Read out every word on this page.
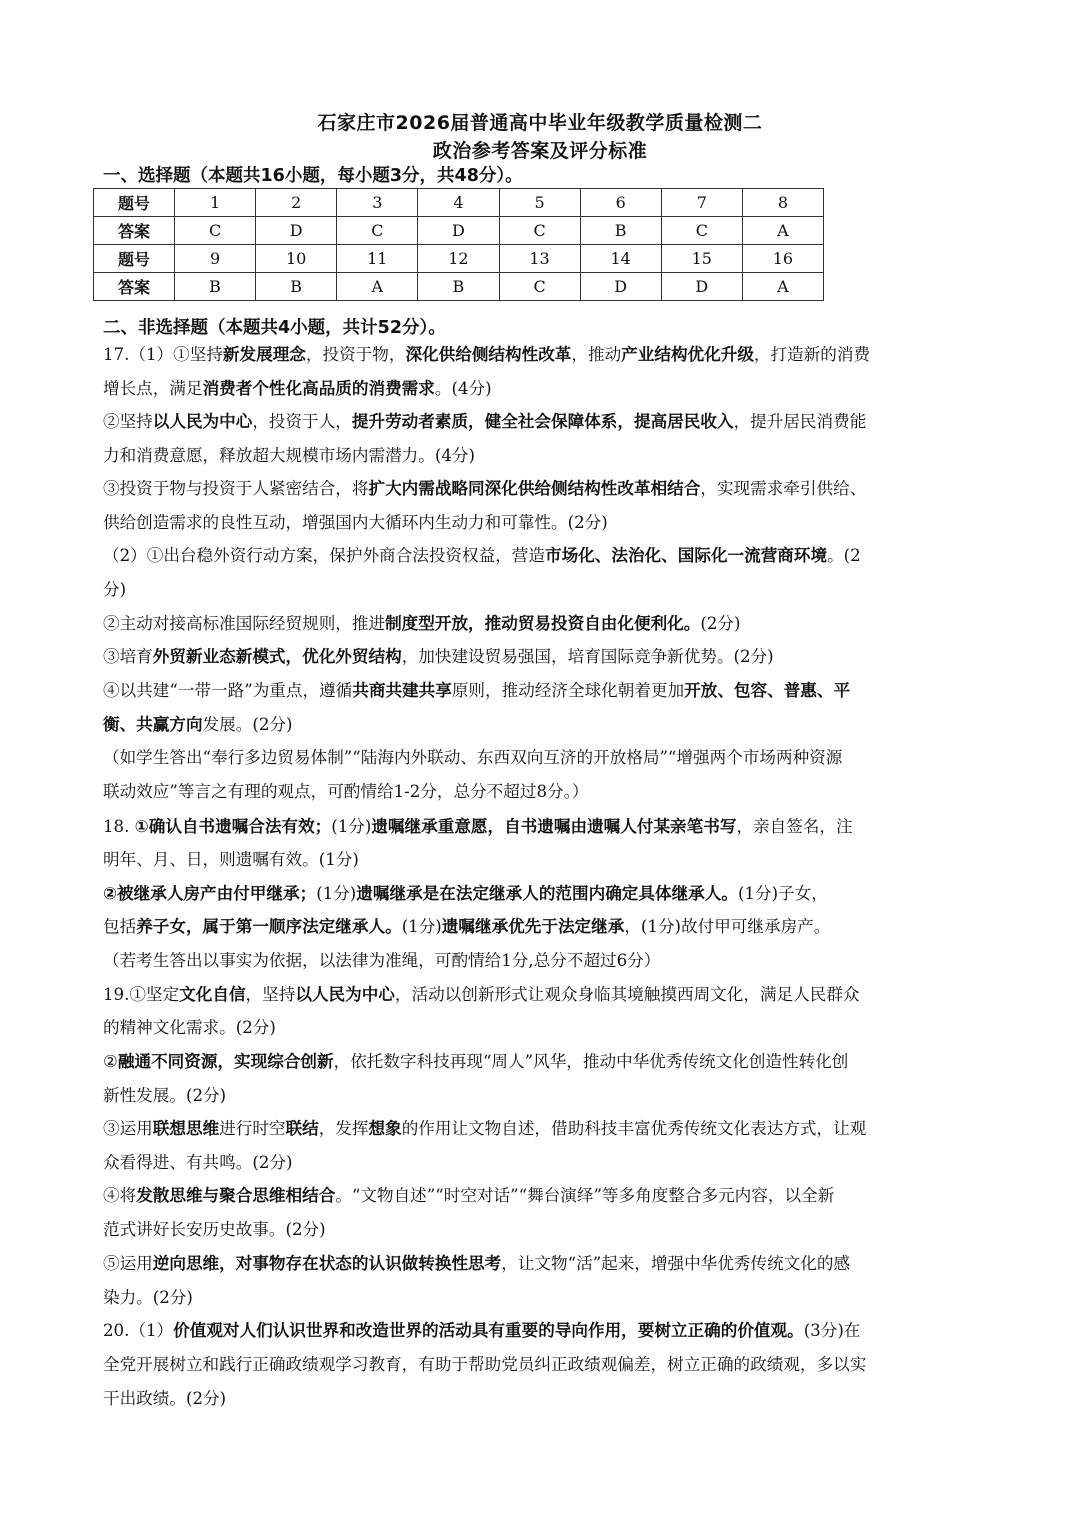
石家庄市2026届普通高中毕业年级教学质量检测二
政治参考答案及评分标准
一、选择题（本题共16小题，每小题3分，共48分）。
题号	1	2	3	4	5	6	7	8
答案	C	D	C	D	C	B	C	A
题号	9	10	11	12	13	14	15	16
答案	B	B	A	B	C	D	D	A
二、非选择题（本题共4小题，共计52分）。
17.（1）①坚持新发展理念，投资于物，深化供给侧结构性改革，推动产业结构优化升级，打造新的消费
增长点，满足消费者个性化高品质的消费需求。(4分)
②坚持以人民为中心，投资于人，提升劳动者素质，健全社会保障体系，提高居民收入，提升居民消费能
力和消费意愿，释放超大规模市场内需潜力。(4分)
③投资于物与投资于人紧密结合，将扩大内需战略同深化供给侧结构性改革相结合，实现需求牵引供给、
供给创造需求的良性互动，增强国内大循环内生动力和可靠性。(2分)
（2）①出台稳外资行动方案，保护外商合法投资权益，营造市场化、法治化、国际化一流营商环境。(2
分)
②主动对接高标准国际经贸规则，推进制度型开放，推动贸易投资自由化便利化。(2分)
③培育外贸新业态新模式，优化外贸结构，加快建设贸易强国，培育国际竞争新优势。(2分)
④以共建“一带一路”为重点，遵循共商共建共享原则，推动经济全球化朝着更加开放、包容、普惠、平
衡、共赢方向发展。(2分)
（如学生答出“奉行多边贸易体制”“陆海内外联动、东西双向互济的开放格局”“增强两个市场两种资源
联动效应”等言之有理的观点，可酌情给1-2分，总分不超过8分。）
18. ①确认自书遗嘱合法有效；(1分)遗嘱继承重意愿，自书遗嘱由遗嘱人付某亲笔书写，亲自签名，注
明年、月、日，则遗嘱有效。(1分)
②被继承人房产由付甲继承；(1分)遗嘱继承是在法定继承人的范围内确定具体继承人。(1分)子女，
包括养子女，属于第一顺序法定继承人。(1分)遗嘱继承优先于法定继承，(1分)故付甲可继承房产。
（若考生答出以事实为依据，以法律为准绳，可酌情给1分,总分不超过6分）
19.①坚定文化自信，坚持以人民为中心，活动以创新形式让观众身临其境触摸西周文化，满足人民群众
的精神文化需求。(2分)
②融通不同资源，实现综合创新，依托数字科技再现“周人”风华，推动中华优秀传统文化创造性转化创
新性发展。(2分)
③运用联想思维进行时空联结，发挥想象的作用让文物自述，借助科技丰富优秀传统文化表达方式，让观
众看得进、有共鸣。(2分)
④将发散思维与聚合思维相结合。“文物自述”“时空对话”“舞台演绎”等多角度整合多元内容，以全新
范式讲好长安历史故事。(2分)
⑤运用逆向思维，对事物存在状态的认识做转换性思考，让文物“活”起来，增强中华优秀传统文化的感
染力。(2分)
20.（1）价值观对人们认识世界和改造世界的活动具有重要的导向作用，要树立正确的价值观。(3分)在
全党开展树立和践行正确政绩观学习教育，有助于帮助党员纠正政绩观偏差，树立正确的政绩观，多以实
干出政绩。(2分)
